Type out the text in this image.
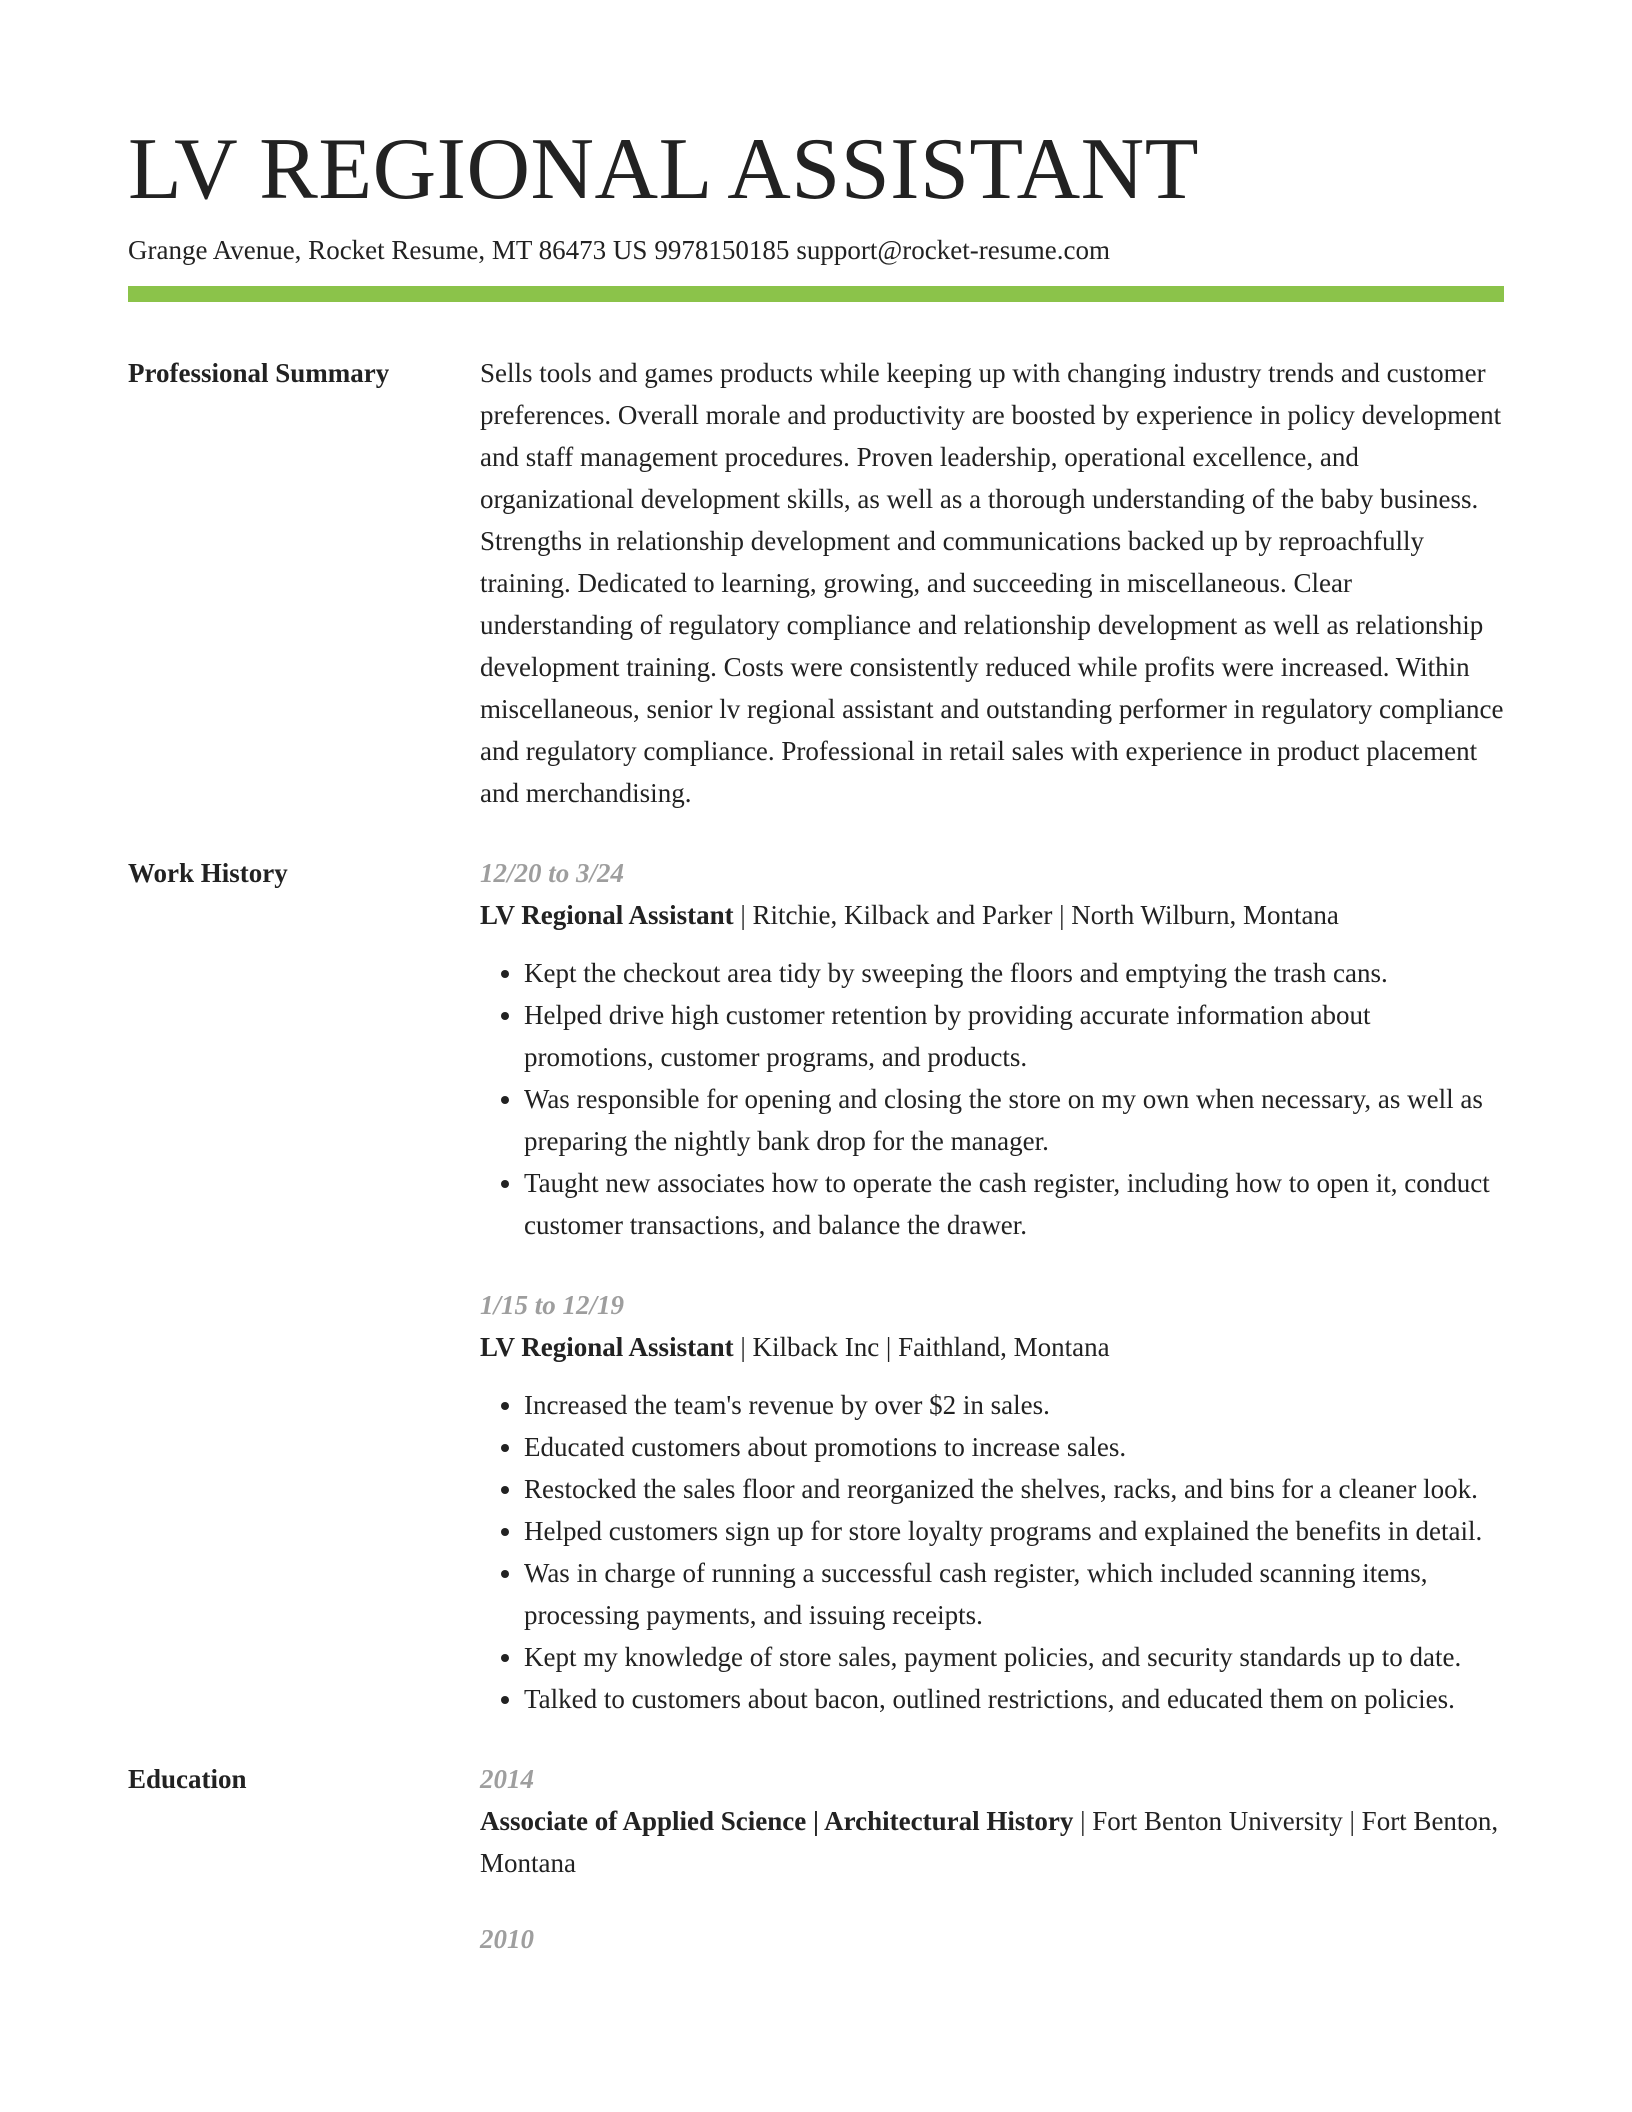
LV REGIONAL ASSISTANT
Grange Avenue, Rocket Resume, MT 86473 US 9978150185 support@rocket-resume.com
Professional Summary	Sells tools and games products while keeping up with changing industry trends and customer preferences. Overall morale and productivity are boosted by experience in policy development and staff management procedures. Proven leadership, operational excellence, and organizational development skills, as well as a thorough understanding of the baby business. Strengths in relationship development and communications backed up by reproachfully training. Dedicated to learning, growing, and succeeding in miscellaneous. Clear understanding of regulatory compliance and relationship development as well as relationship development training. Costs were consistently reduced while profits were increased. Within miscellaneous, senior lv regional assistant and outstanding performer in regulatory compliance and regulatory compliance. Professional in retail sales with experience in product placement and merchandising.

Work History	12/20 to 3/24
LV Regional Assistant | Ritchie, Kilback and Parker | North Wilburn, Montana
• Kept the checkout area tidy by sweeping the floors and emptying the trash cans.
• Helped drive high customer retention by providing accurate information about promotions, customer programs, and products.
• Was responsible for opening and closing the store on my own when necessary, as well as preparing the nightly bank drop for the manager.
• Taught new associates how to operate the cash register, including how to open it, conduct customer transactions, and balance the drawer.
1/15 to 12/19
LV Regional Assistant | Kilback Inc | Faithland, Montana
• Increased the team's revenue by over $2 in sales.
• Educated customers about promotions to increase sales.
• Restocked the sales floor and reorganized the shelves, racks, and bins for a cleaner look.
• Helped customers sign up for store loyalty programs and explained the benefits in detail.
• Was in charge of running a successful cash register, which included scanning items, processing payments, and issuing receipts.
• Kept my knowledge of store sales, payment policies, and security standards up to date.
• Talked to customers about bacon, outlined restrictions, and educated them on policies.
Education	2014
Associate of Applied Science | Architectural History | Fort Benton University | Fort Benton, Montana
2010
